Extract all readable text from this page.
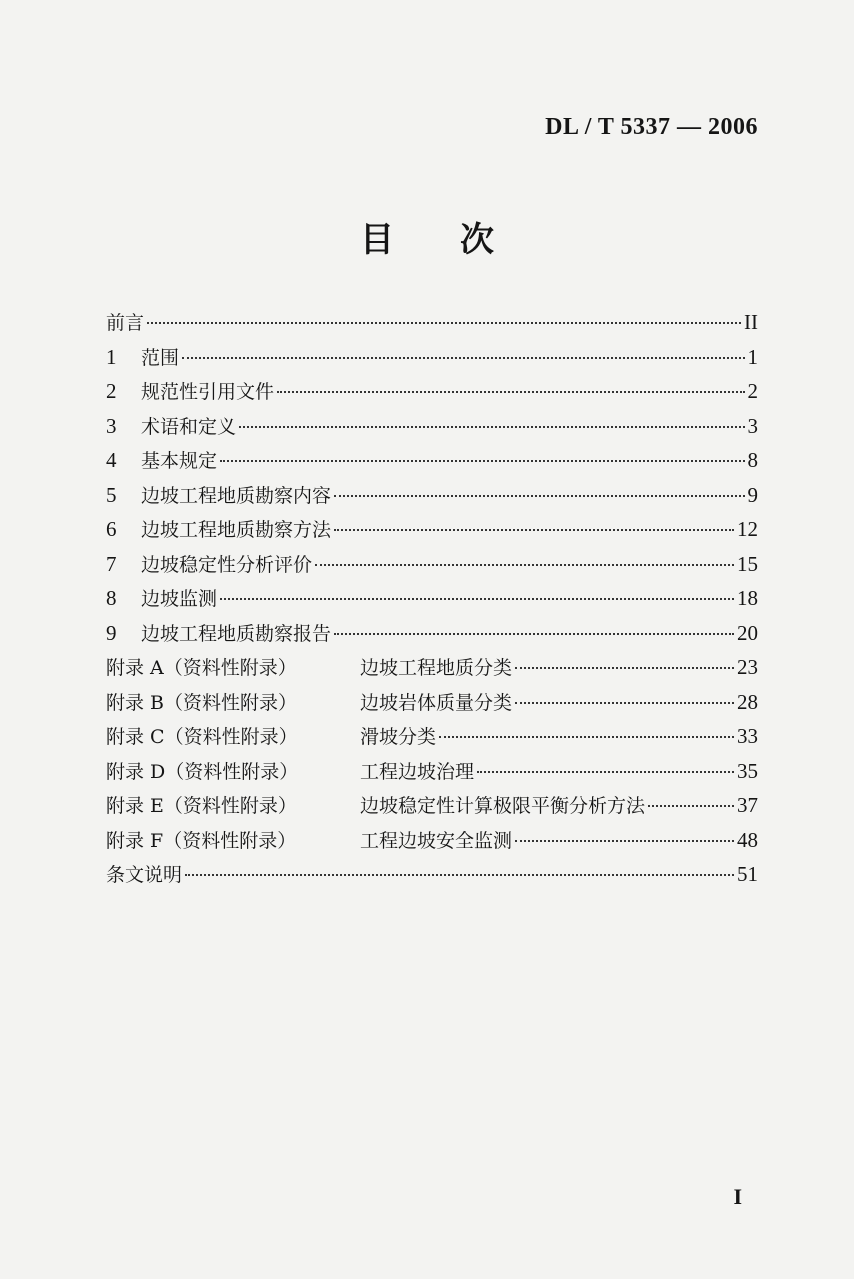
DL / T 5337 — 2006
目 次
前言	II
1	范围	1
2	规范性引用文件	2
3	术语和定义	3
4	基本规定	8
5	边坡工程地质勘察内容	9
6	边坡工程地质勘察方法	12
7	边坡稳定性分析评价	15
8	边坡监测	18
9	边坡工程地质勘察报告	20
附录 A（资料性附录）	边坡工程地质分类	23
附录 B（资料性附录）	边坡岩体质量分类	28
附录 C（资料性附录）	滑坡分类	33
附录 D（资料性附录）	工程边坡治理	35
附录 E（资料性附录）	边坡稳定性计算极限平衡分析方法	37
附录 F（资料性附录）	工程边坡安全监测	48
条文说明	51
I
